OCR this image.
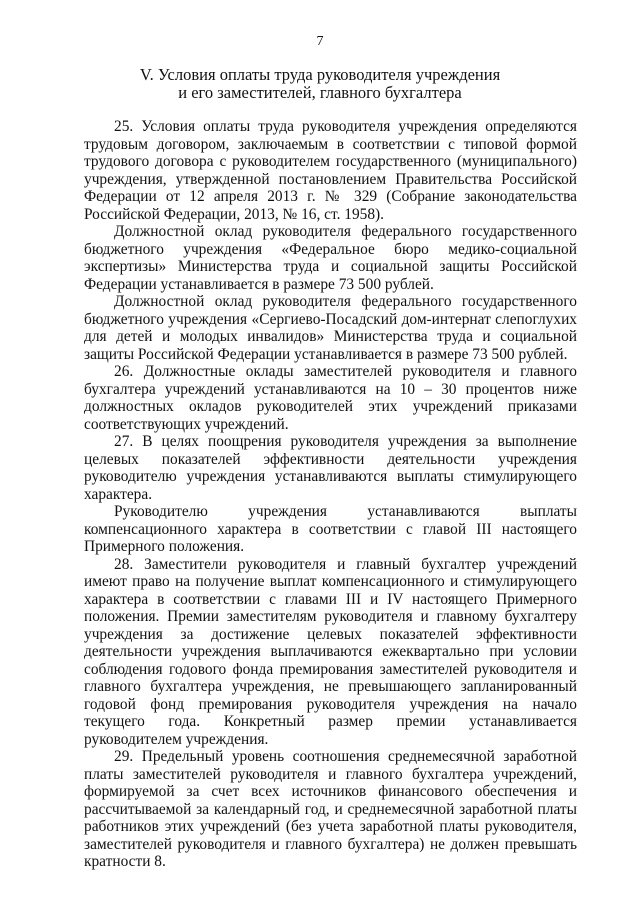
7
V. Условия оплаты труда руководителя учреждения
и его заместителей, главного бухгалтера

25. Условия оплаты труда руководителя учреждения определяются трудовым договором, заключаемым в соответствии с типовой формой трудового договора с руководителем государственного (муниципального) учреждения, утвержденной постановлением Правительства Российской Федерации от 12 апреля 2013 г. № 329 (Собрание законодательства Российской Федерации, 2013, № 16, ст. 1958).

Должностной оклад руководителя федерального государственного бюджетного учреждения «Федеральное бюро медико-социальной экспертизы» Министерства труда и социальной защиты Российской Федерации устанавливается в размере 73 500 рублей.

Должностной оклад руководителя федерального государственного бюджетного учреждения «Сергиево-Посадский дом-интернат слепоглухих для детей и молодых инвалидов» Министерства труда и социальной защиты Российской Федерации устанавливается в размере 73 500 рублей.

26. Должностные оклады заместителей руководителя и главного бухгалтера учреждений устанавливаются на 10 – 30 процентов ниже должностных окладов руководителей этих учреждений приказами соответствующих учреждений.

27. В целях поощрения руководителя учреждения за выполнение целевых показателей эффективности деятельности учреждения руководителю учреждения устанавливаются выплаты стимулирующего характера.

Руководителю учреждения устанавливаются выплаты компенсационного характера в соответствии с главой III настоящего Примерного положения.

28. Заместители руководителя и главный бухгалтер учреждений имеют право на получение выплат компенсационного и стимулирующего характера в соответствии с главами III и IV настоящего Примерного положения. Премии заместителям руководителя и главному бухгалтеру учреждения за достижение целевых показателей эффективности деятельности учреждения выплачиваются ежеквартально при условии соблюдения годового фонда премирования заместителей руководителя и главного бухгалтера учреждения, не превышающего запланированный годовой фонд премирования руководителя учреждения на начало текущего года. Конкретный размер премии устанавливается руководителем учреждения.

29. Предельный уровень соотношения среднемесячной заработной платы заместителей руководителя и главного бухгалтера учреждений, формируемой за счет всех источников финансового обеспечения и рассчитываемой за календарный год, и среднемесячной заработной платы работников этих учреждений (без учета заработной платы руководителя, заместителей руководителя и главного бухгалтера) не должен превышать кратности 8.
